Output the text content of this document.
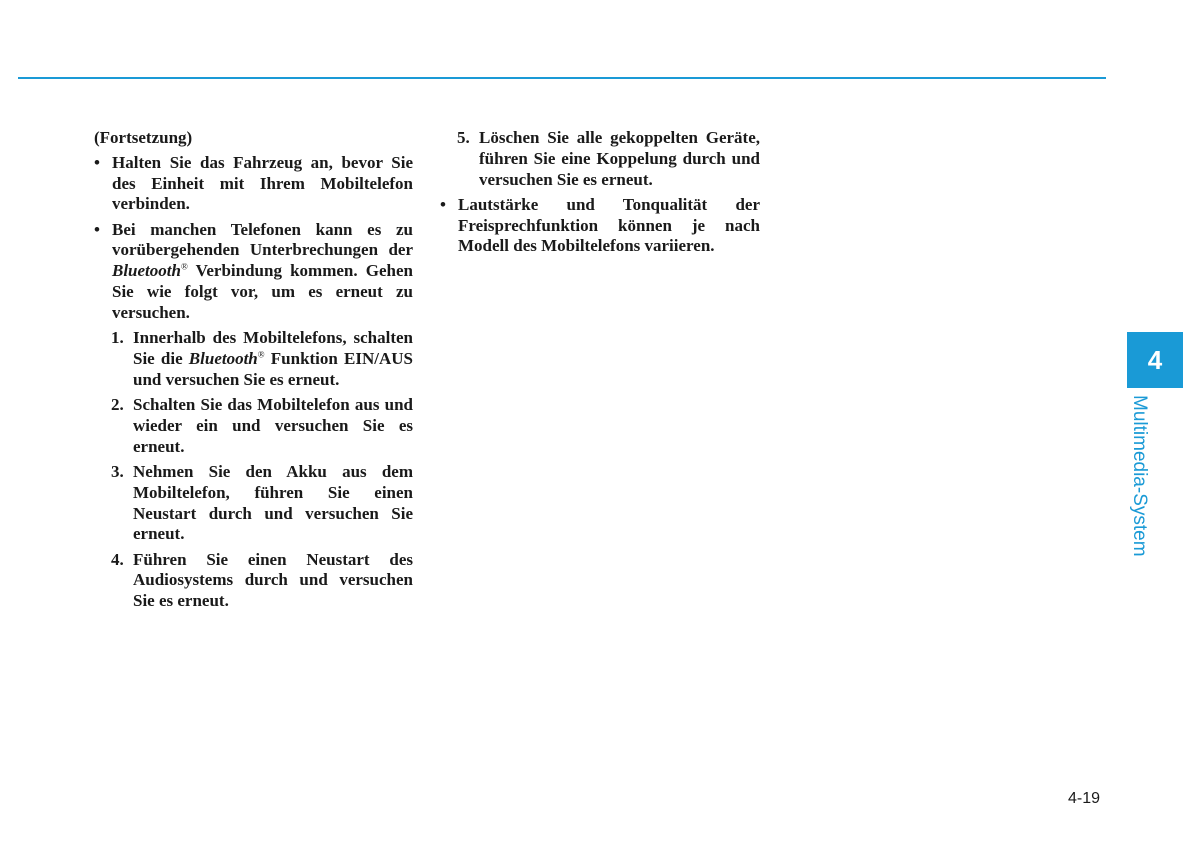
(Fortsetzung)

• Halten Sie das Fahrzeug an, bevor Sie des Einheit mit Ihrem Mobiltelefon verbinden.

• Bei manchen Telefonen kann es zu vorübergehenden Unterbrechungen der Bluetooth® Verbindung kommen. Gehen Sie wie folgt vor, um es erneut zu versuchen.

1. Innerhalb des Mobiltelefons, schalten Sie die Bluetooth® Funktion EIN/AUS und versuchen Sie es erneut.

2. Schalten Sie das Mobiltelefon aus und wieder ein und versuchen Sie es erneut.

3. Nehmen Sie den Akku aus dem Mobiltelefon, führen Sie einen Neustart durch und versuchen Sie erneut.

4. Führen Sie einen Neustart des Audiosystems durch und versuchen Sie es erneut.

5. Löschen Sie alle gekoppelten Geräte, führen Sie eine Koppelung durch und versuchen Sie es erneut.

• Lautstärke und Tonqualität der Freisprechfunktion können je nach Modell des Mobiltelefons variieren.

4
Multimedia-System
4-19
